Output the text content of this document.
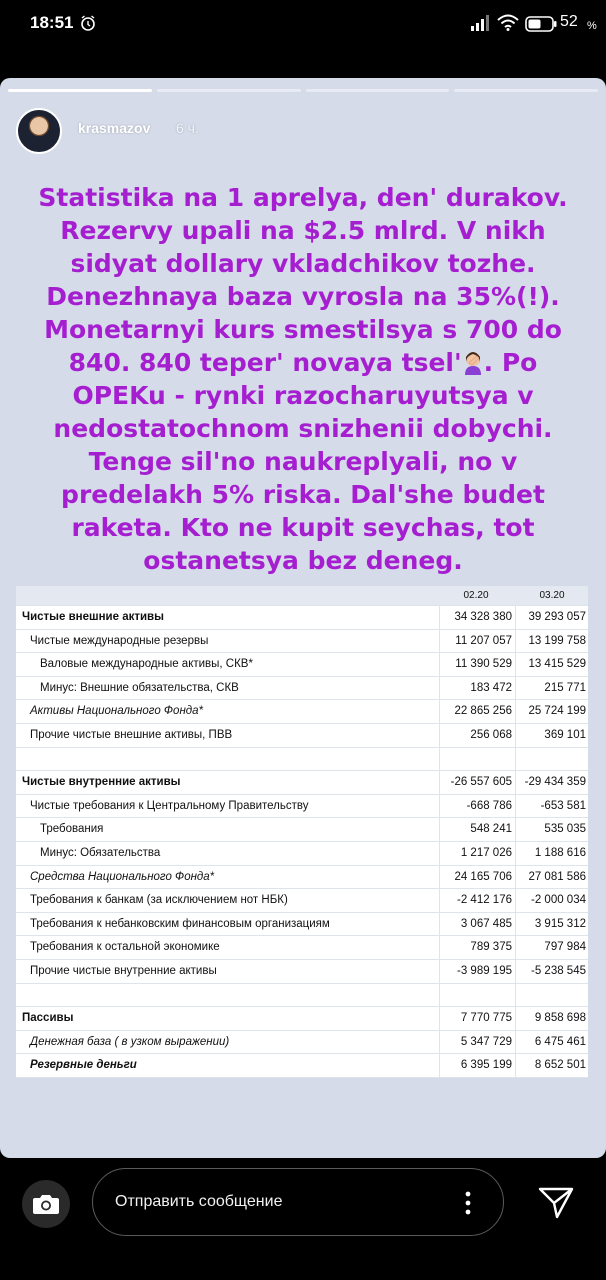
18:51	52 %
krasmazov 6 ч.
Statistika na 1 aprelya, den' durakov. Rezervy upali na $2.5 mlrd. V nikh sidyat dollary vkladchikov tozhe. Denezhnaya baza vyrosla na 35%(!). Monetarnyi kurs smestilsya s 700 do 840. 840 teper' novaya tsel' . Po OPEKu - rynki razocharuyutsya v nedostatochnom snizhenii dobychi. Tenge sil'no naukreplyali, no v predelakh 5% riska. Dal'she budet raketa. Kto ne kupit seychas, tot ostanetsya bez deneg.
02.20	03.20
Чистые внешние активы	34 328 380	39 293 057
Чистые международные резервы	11 207 057	13 199 758
Валовые международные активы, СКВ*	11 390 529	13 415 529
Минус: Внешние обязательства, СКВ	183 472	215 771
Активы Национального Фонда*	22 865 256	25 724 199
Прочие чистые внешние активы, ПВВ	256 068	369 101
Чистые внутренние активы	-26 557 605	-29 434 359
Чистые требования к Центральному Правительству	-668 786	-653 581
Требования	548 241	535 035
Минус: Обязательства	1 217 026	1 188 616
Средства Национального Фонда*	24 165 706	27 081 586
Требования к банкам (за исключением нот НБК)	-2 412 176	-2 000 034
Требования к небанковским финансовым организациям	3 067 485	3 915 312
Требования к остальной экономике	789 375	797 984
Прочие чистые внутренние активы	-3 989 195	-5 238 545
Пассивы	7 770 775	9 858 698
Денежная база ( в узком выражении)	5 347 729	6 475 461
Резервные деньги	6 395 199	8 652 501
Отправить сообщение
